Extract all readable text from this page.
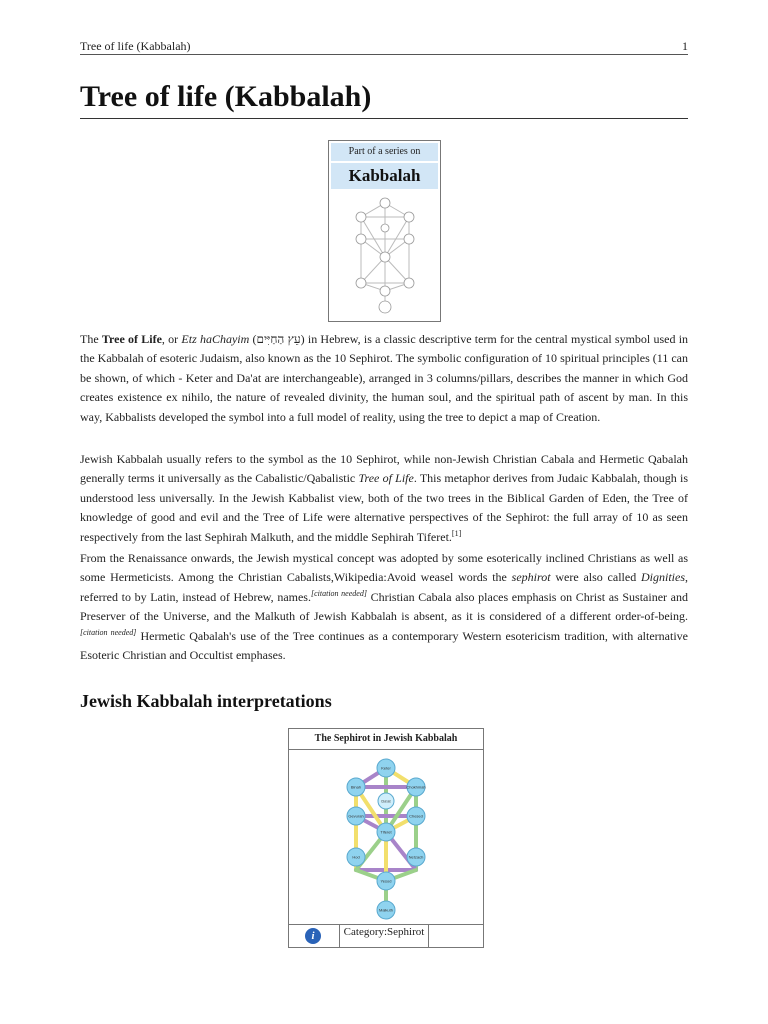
Tree of life (Kabbalah)	1
Tree of life (Kabbalah)
Part of a series on
Kabbalah

The Tree of Life, or Etz haChayim (עֵץ הַחַיִּים) in Hebrew, is a classic descriptive term for the central mystical symbol used in the Kabbalah of esoteric Judaism, also known as the 10 Sephirot. The symbolic configuration of 10 spiritual principles (11 can be shown, of which - Keter and Da'at are interchangeable), arranged in 3 columns/pillars, describes the manner in which God creates existence ex nihilo, the nature of revealed divinity, the human soul, and the spiritual path of ascent by man. In this way, Kabbalists developed the symbol into a full model of reality, using the tree to depict a map of Creation.

Jewish Kabbalah usually refers to the symbol as the 10 Sephirot, while non-Jewish Christian Cabala and Hermetic Qabalah generally terms it universally as the Cabalistic/Qabalistic Tree of Life. This metaphor derives from Judaic Kabbalah, though is understood less universally. In the Jewish Kabbalist view, both of the two trees in the Biblical Garden of Eden, the Tree of knowledge of good and evil and the Tree of Life were alternative perspectives of the Sephirot: the full array of 10 as seen respectively from the last Sephirah Malkuth, and the middle Sephirah Tiferet.[1]

From the Renaissance onwards, the Jewish mystical concept was adopted by some esoterically inclined Christians as well as some Hermeticists. Among the Christian Cabalists,Wikipedia:Avoid weasel words the sephirot were also called Dignities, referred to by Latin, instead of Hebrew, names.[citation needed] Christian Cabala also places emphasis on Christ as Sustainer and Preserver of the Universe, and the Malkuth of Jewish Kabbalah is absent, as it is considered of a different order-of-being.[citation needed] Hermetic Qabalah's use of the Tree continues as a contemporary Western esotericism tradition, with alternative Esoteric Christian and Occultist emphases.

Jewish Kabbalah interpretations
The Sephirot in Jewish Kabbalah
Keter
Binah	Chokhmah
Da'at
Gevurah	Chesed
Tiferet
Hod	Netzach
Yesod
Malkuth
i	Category:Sephirot
